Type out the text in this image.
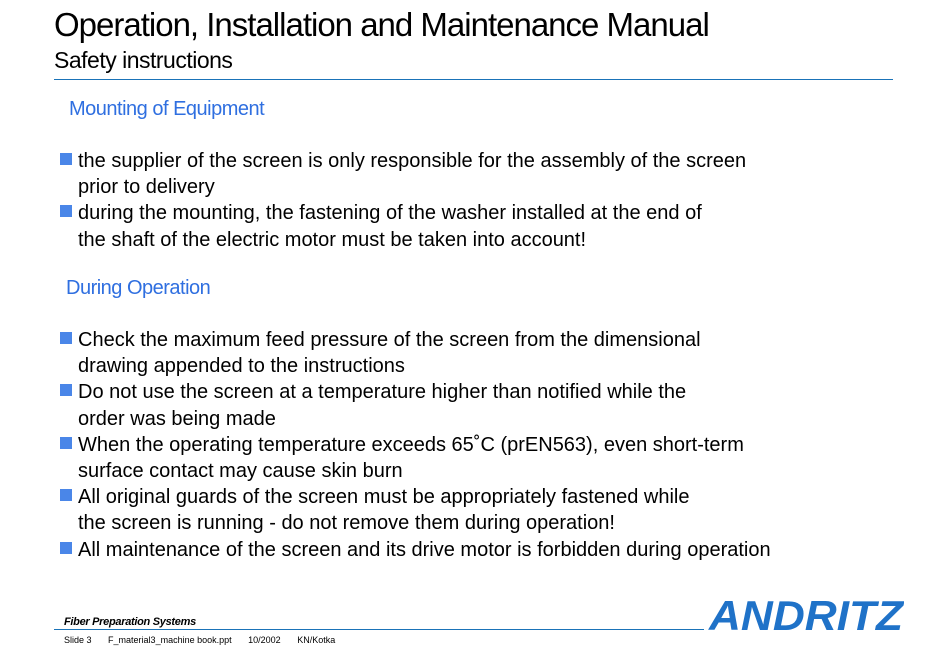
Operation, Installation and Maintenance Manual
Safety instructions
Mounting of Equipment
the supplier of the screen is only responsible for the assembly of the screen
prior to delivery
during the mounting, the fastening of the washer installed at the end of
the shaft of the electric motor must be taken into account!
During Operation
Check the maximum feed pressure of the screen from the dimensional
drawing appended to the instructions
Do not use the screen at a temperature higher than notified while the
order was being made
When the operating temperature exceeds 65˚C (prEN563), even short-term
surface contact may cause skin burn
All original guards of the screen must be appropriately fastened while
the screen is running - do not remove them during operation!
All maintenance of the screen and its drive motor is forbidden during operation
Fiber Preparation Systems
Slide 3 F_material3_machine book.ppt 10/2002 KN/Kotka
ANDRITZ
